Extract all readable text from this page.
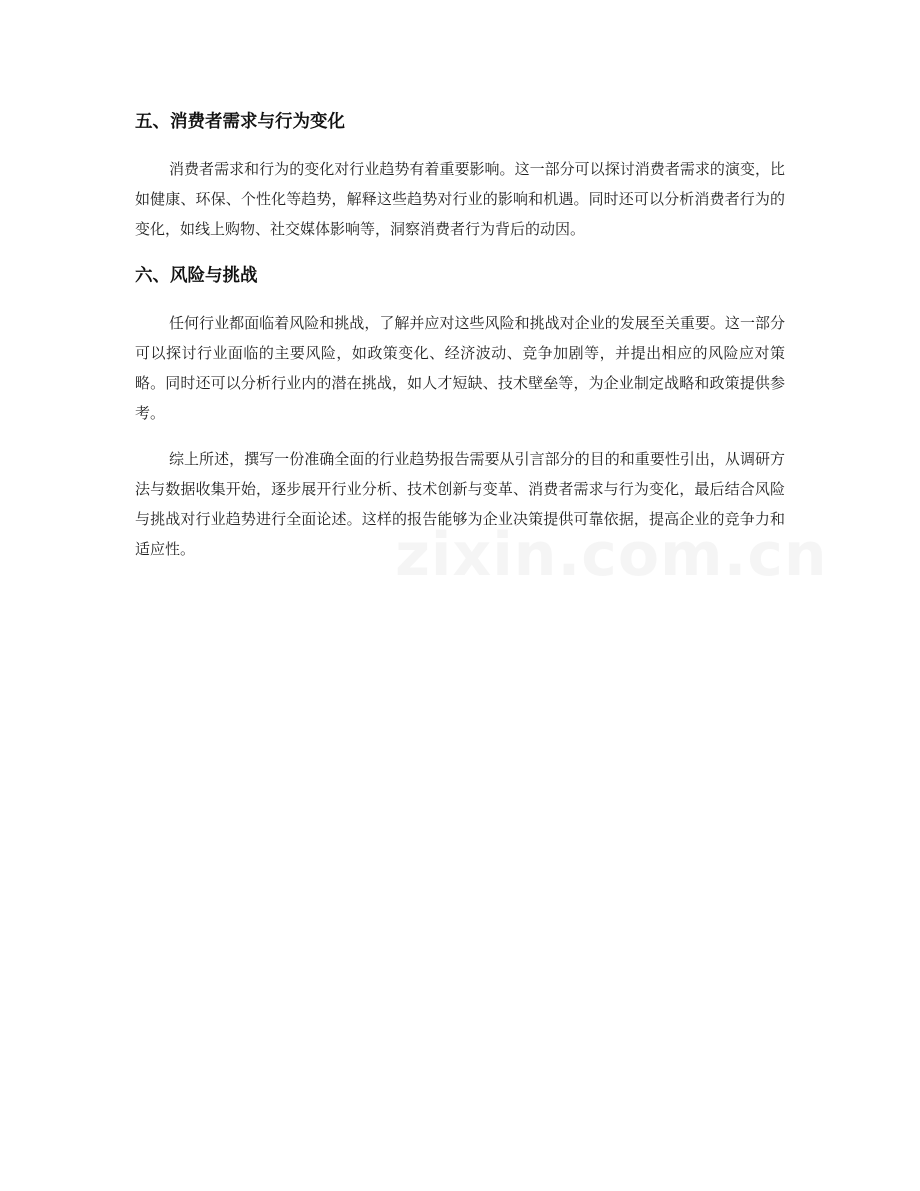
五、消费者需求与行为变化

消费者需求和行为的变化对行业趋势有着重要影响。这一部分可以探讨消费者需求的演变，比如健康、环保、个性化等趋势，解释这些趋势对行业的影响和机遇。同时还可以分析消费者行为的变化，如线上购物、社交媒体影响等，洞察消费者行为背后的动因。

六、风险与挑战

任何行业都面临着风险和挑战，了解并应对这些风险和挑战对企业的发展至关重要。这一部分可以探讨行业面临的主要风险，如政策变化、经济波动、竞争加剧等，并提出相应的风险应对策略。同时还可以分析行业内的潜在挑战，如人才短缺、技术壁垒等，为企业制定战略和政策提供参考。

综上所述，撰写一份准确全面的行业趋势报告需要从引言部分的目的和重要性引出，从调研方法与数据收集开始，逐步展开行业分析、技术创新与变革、消费者需求与行为变化，最后结合风险与挑战对行业趋势进行全面论述。这样的报告能够为企业决策提供可靠依据，提高企业的竞争力和适应性。	zixin.com.cn
